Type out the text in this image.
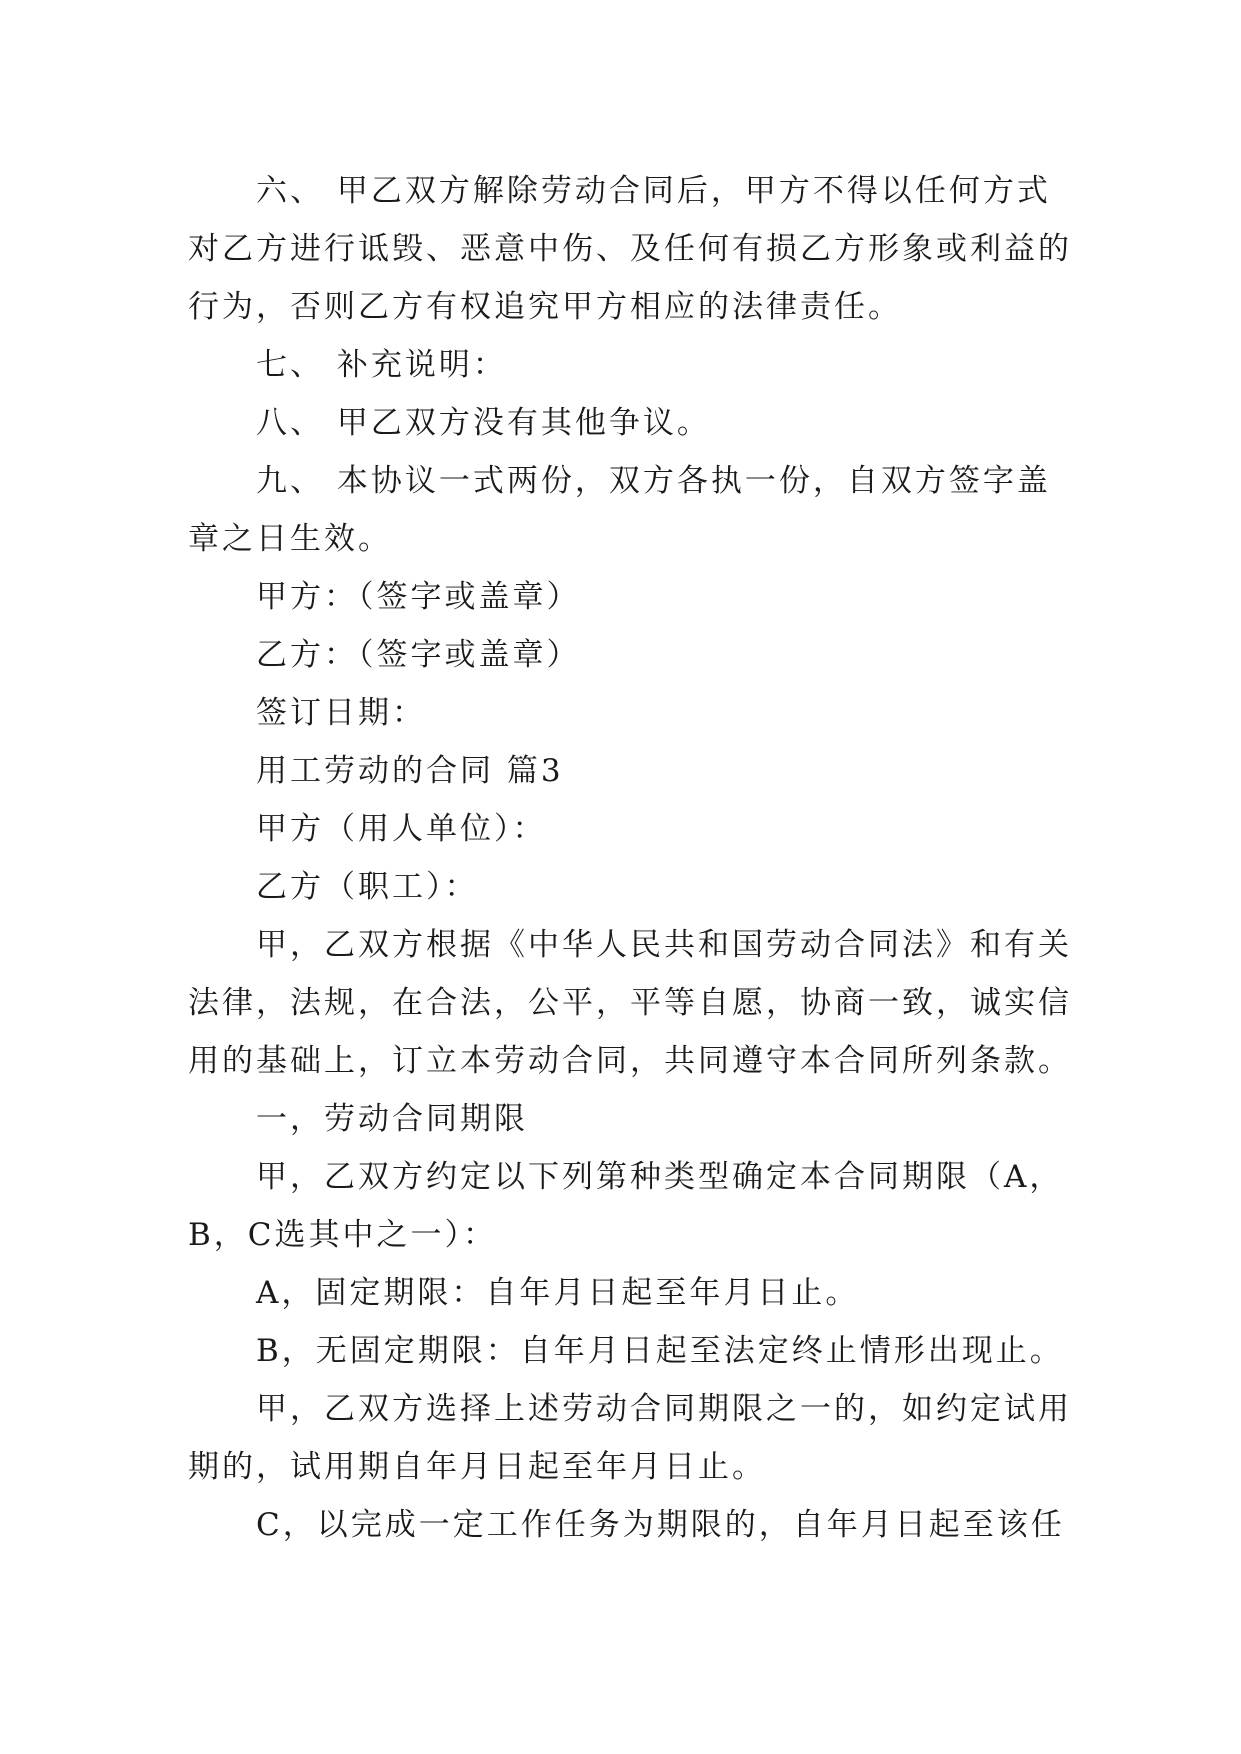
六、 甲乙双方解除劳动合同后，甲方不得以任何方式
对乙方进行诋毁、恶意中伤、及任何有损乙方形象或利益的
行为，否则乙方有权追究甲方相应的法律责任。
七、 补充说明：
八、 甲乙双方没有其他争议。
九、 本协议一式两份，双方各执一份，自双方签字盖
章之日生效。
甲方：（签字或盖章）
乙方：（签字或盖章）
签订日期：
用工劳动的合同 篇3
甲方（用人单位）：
乙方（职工）：
甲，乙双方根据《中华人民共和国劳动合同法》和有关
法律，法规，在合法，公平，平等自愿，协商一致，诚实信
用的基础上，订立本劳动合同，共同遵守本合同所列条款。
一，劳动合同期限
甲，乙双方约定以下列第种类型确定本合同期限（A，
B，C选其中之一）：
A，固定期限：自年月日起至年月日止。
B，无固定期限：自年月日起至法定终止情形出现止。
甲，乙双方选择上述劳动合同期限之一的，如约定试用
期的，试用期自年月日起至年月日止。
C，以完成一定工作任务为期限的，自年月日起至该任
